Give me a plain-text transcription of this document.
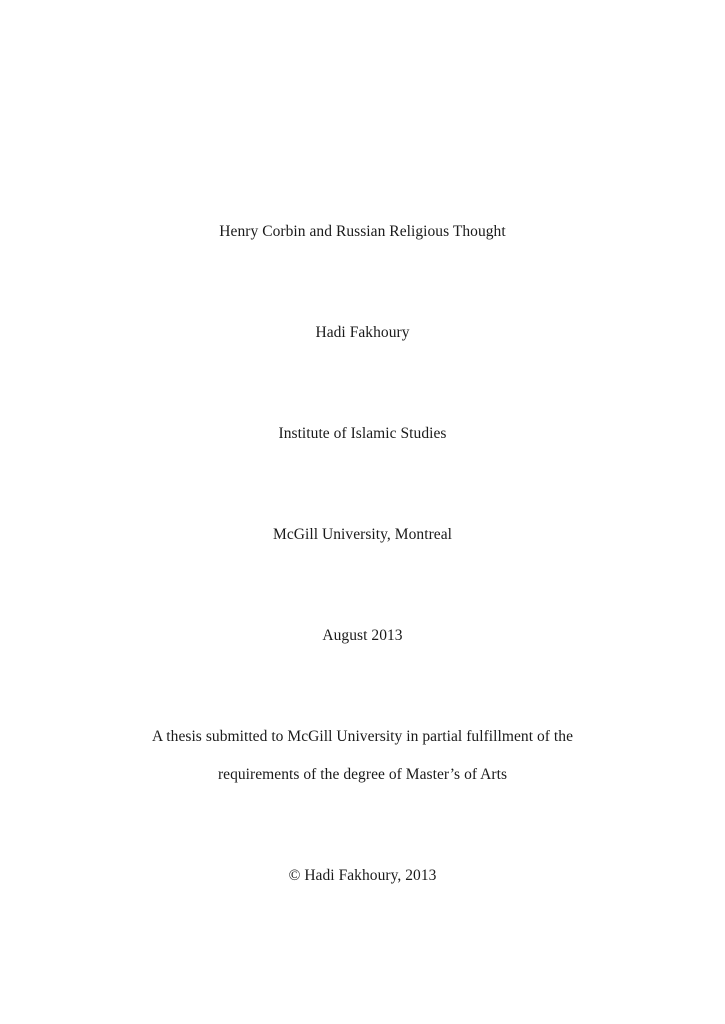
Henry Corbin and Russian Religious Thought
Hadi Fakhoury
Institute of Islamic Studies
McGill University, Montreal
August 2013
A thesis submitted to McGill University in partial fulfillment of the
requirements of the degree of Master’s of Arts
© Hadi Fakhoury, 2013
